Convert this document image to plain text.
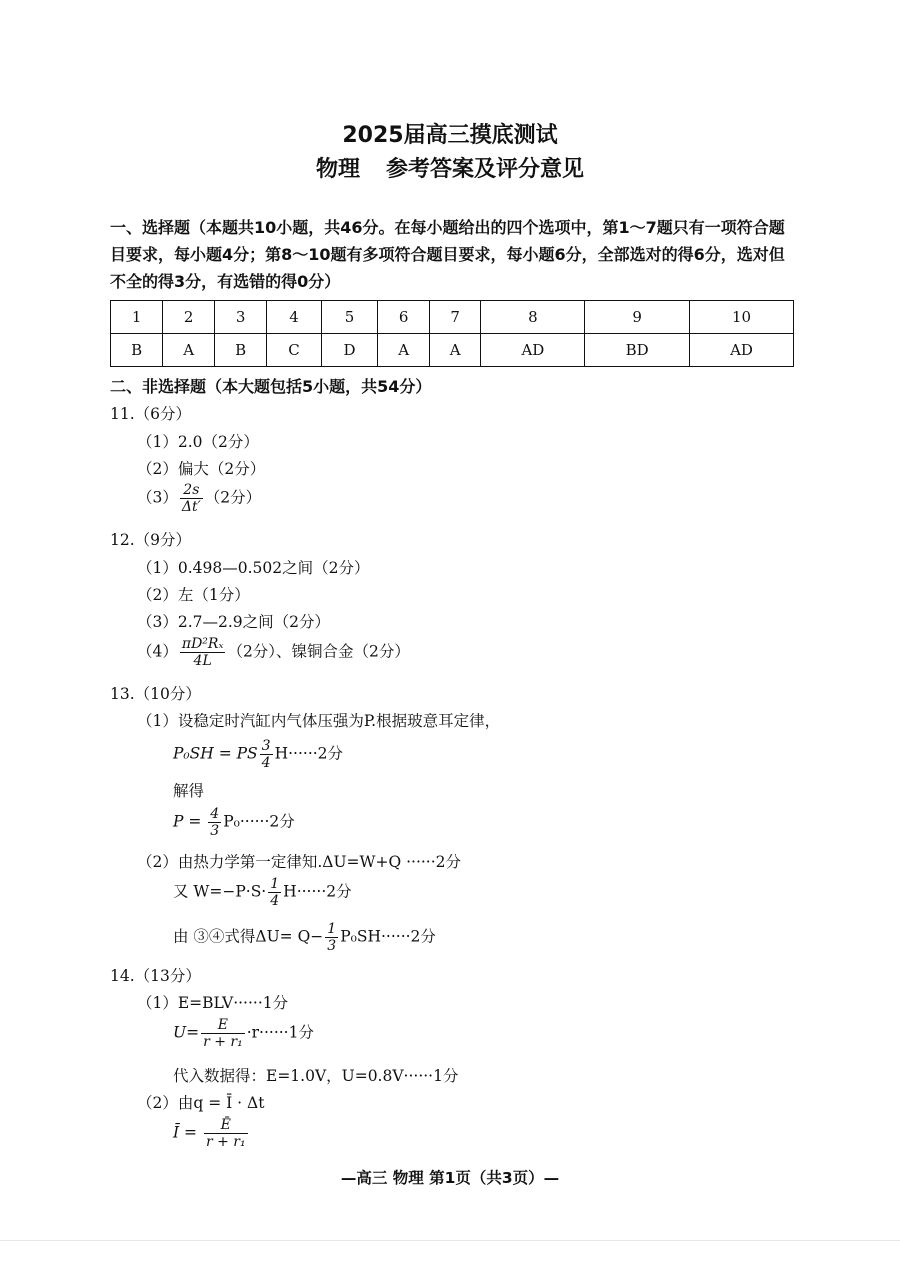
2025届高三摸底测试
物理 参考答案及评分意见
一、选择题（本题共10小题，共46分。在每小题给出的四个选项中，第1～7题只有一项符合题目要求，每小题4分；第8～10题有多项符合题目要求，每小题6分，全部选对的得6分，选对但不全的得3分，有选错的得0分）
1	2	3	4	5	6	7	8	9	10
B	A	B	C	D	A	A	AD	BD	AD
二、非选择题（本大题包括5小题，共54分）
11.（6分）
（1）2.0（2分）
（2）偏大（2分）
$(3) \frac{2s}{\Delta t'} (2$分）
12.（9分）
（1）0.498—0.502之间（2分）
（2）左（1分）
（3）2.7—2.9之间（2分）
$(4) \frac{\text{πD²Rₓ}}{4L} (2$分）、镍铜合金（2分）
13.（10分）
（1）设稳定时汽缸内气体压强为P.根据玻意耳定律，
P₀SH = PS $\frac{3}{4} H\cdot\cdot\cdot\cdot\cdot\cdot 2$分
解得
$P = \frac{4}{3} P_0\cdot\cdot\cdot\cdot\cdot\cdot 2$分
（2）由热力学第一定律知.ΔU=W+Q ······2分
又 $W=-P\cdot S\cdot \frac{1}{4} H\cdot\cdot\cdot\cdot\cdot\cdot 2$分
由 ③④式得$\Delta U= Q- \frac{1}{3} P_0SH\cdot\cdot\cdot\cdot\cdot\cdot 2$分
14.（13分）
（1）E=BLV······1分
$U= \frac{E}{\text{r + r₁}} \cdot r\cdot\cdot\cdot\cdot\cdot\cdot 1$分
代入数据得：E=1.0V，U=0.8V······1分
（2）由q = Ī · Δt
Ī = $\frac{Ē}{\text{r + r₁}}$
—高三 物理 第1页（共3页）—
